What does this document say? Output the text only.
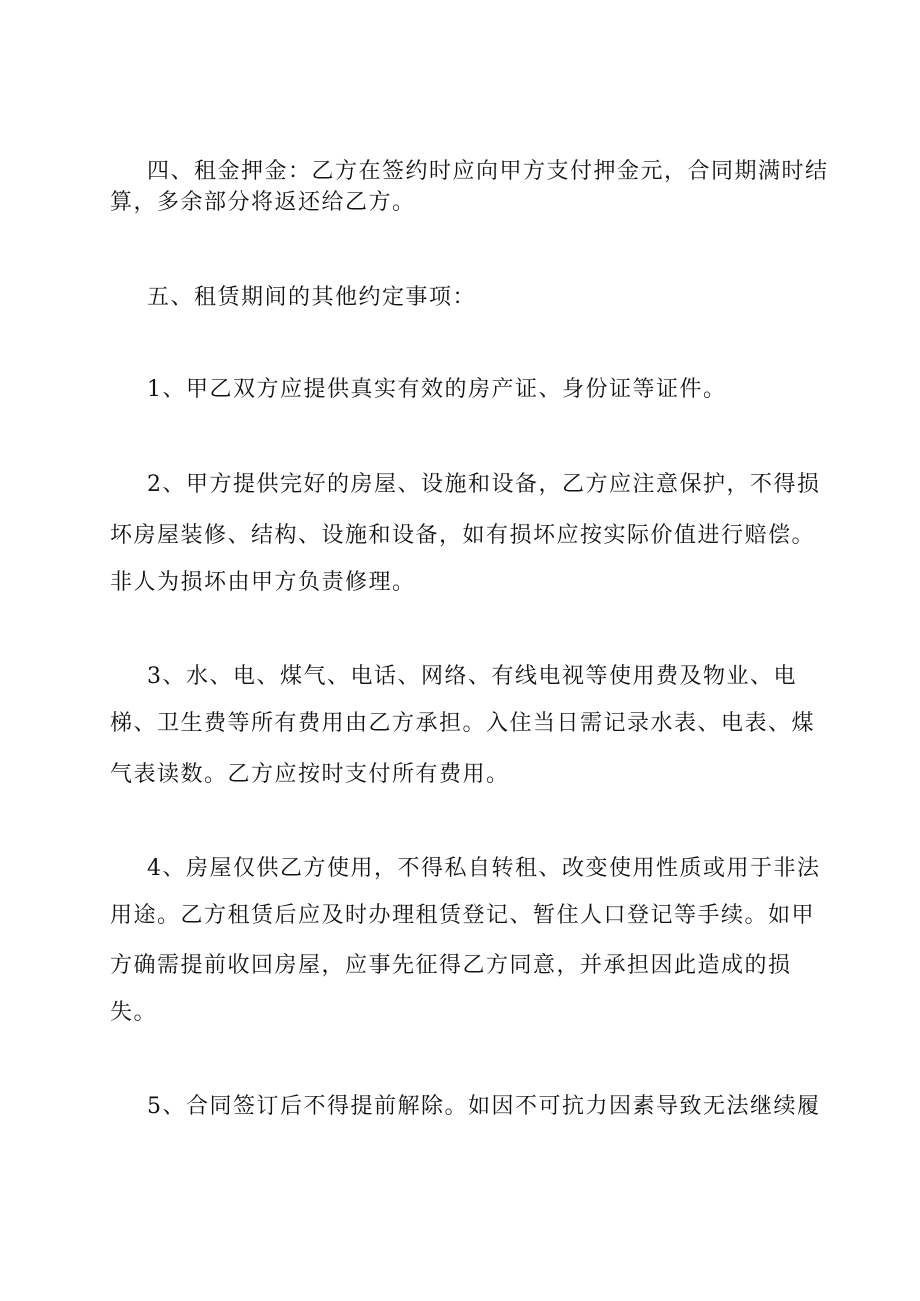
四、租金押金：乙方在签约时应向甲方支付押金元，合同期满时结

算，多余部分将返还给乙方。

五、租赁期间的其他约定事项：

1、甲乙双方应提供真实有效的房产证、身份证等证件。

2、甲方提供完好的房屋、设施和设备，乙方应注意保护，不得损

坏房屋装修、结构、设施和设备，如有损坏应按实际价值进行赔偿。

非人为损坏由甲方负责修理。

3、水、电、煤气、电话、网络、有线电视等使用费及物业、电

梯、卫生费等所有费用由乙方承担。入住当日需记录水表、电表、煤

气表读数。乙方应按时支付所有费用。

4、房屋仅供乙方使用，不得私自转租、改变使用性质或用于非法

用途。乙方租赁后应及时办理租赁登记、暂住人口登记等手续。如甲

方确需提前收回房屋，应事先征得乙方同意，并承担因此造成的损

失。

5、合同签订后不得提前解除。如因不可抗力因素导致无法继续履
